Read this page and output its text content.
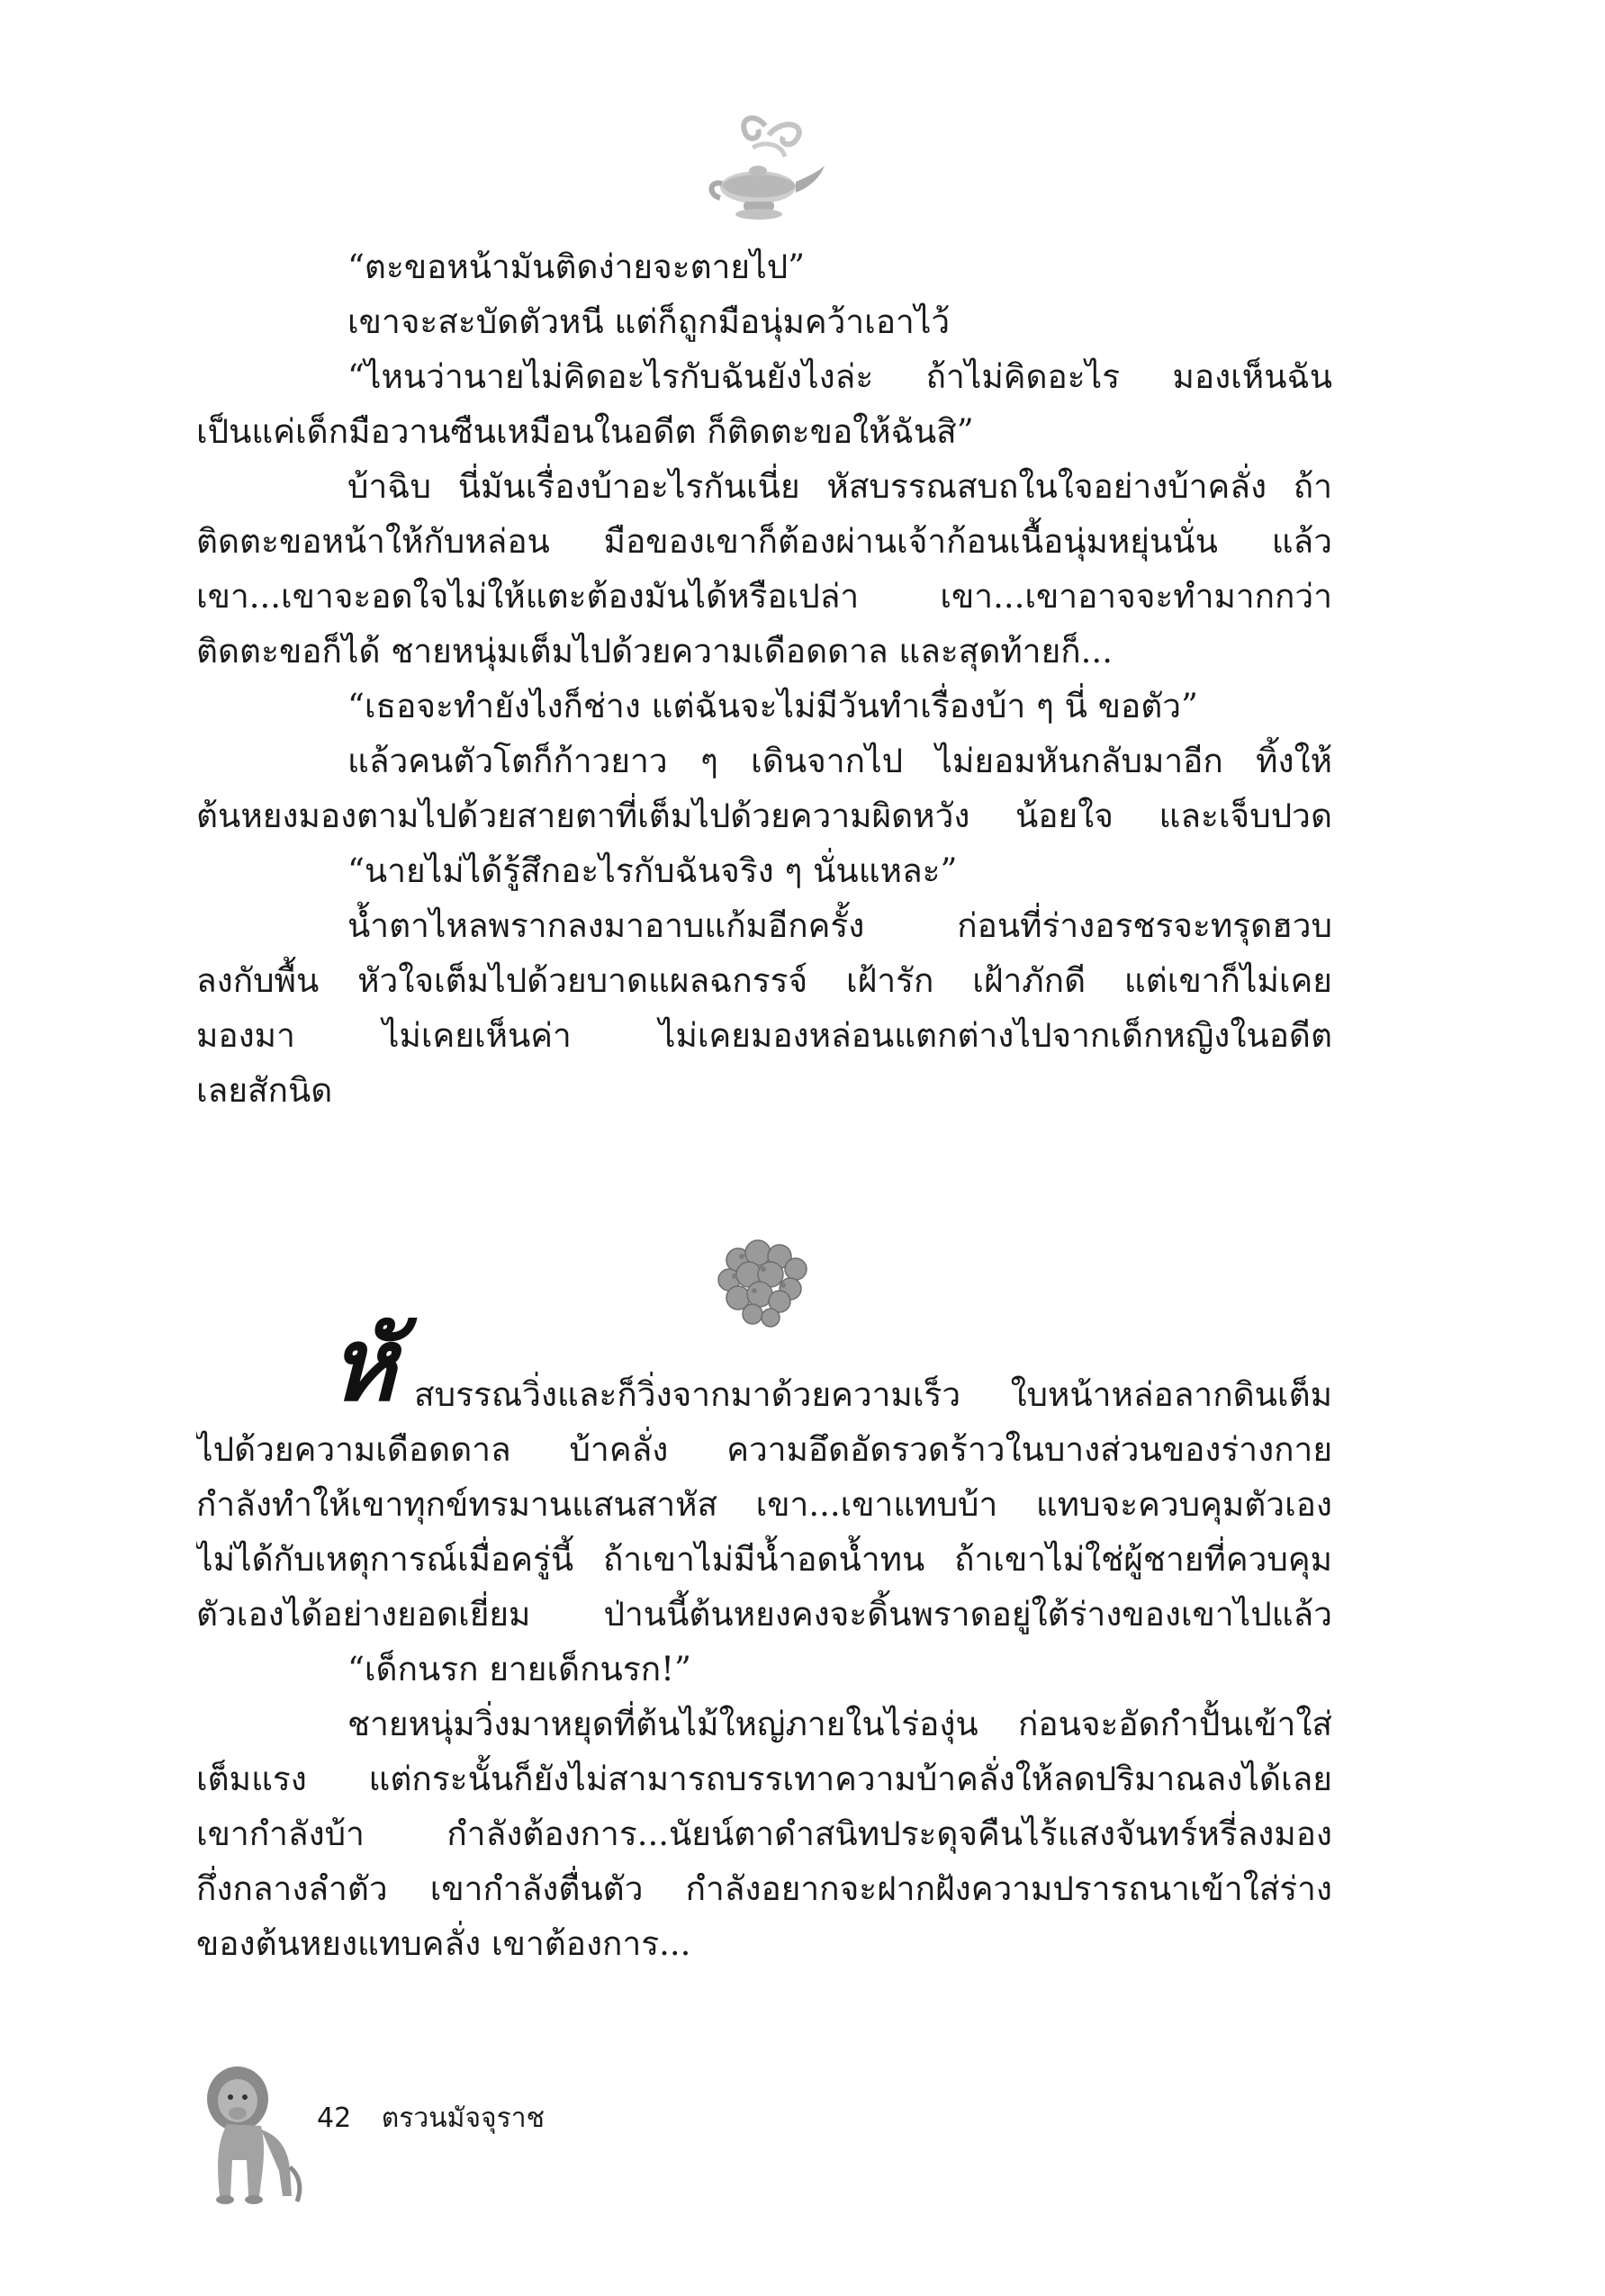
“ตะขอหน้ามันติดง่ายจะตายไป”
เขาจะสะบัดตัวหนี แต่ก็ถูกมือนุ่มคว้าเอาไว้
“ไหนว่านายไม่คิดอะไรกับฉันยังไงล่ะ ถ้าไม่คิดอะไร มองเห็นฉัน
เป็นแค่เด็กมือวานซืนเหมือนในอดีต ก็ติดตะขอให้ฉันสิ”
บ้าฉิบ นี่มันเรื่องบ้าอะไรกันเนี่ย หัสบรรณสบถในใจอย่างบ้าคลั่ง ถ้า
ติดตะขอหน้าให้กับหล่อน มือของเขาก็ต้องผ่านเจ้าก้อนเนื้อนุ่มหยุ่นนั่น แล้ว
เขา...เขาจะอดใจไม่ให้แตะต้องมันได้หรือเปล่า เขา...เขาอาจจะทำมากกว่า
ติดตะขอก็ได้ ชายหนุ่มเต็มไปด้วยความเดือดดาล และสุดท้ายก็...
“เธอจะทำยังไงก็ช่าง แต่ฉันจะไม่มีวันทำเรื่องบ้า ๆ นี่ ขอตัว”
แล้วคนตัวโตก็ก้าวยาว ๆ เดินจากไป ไม่ยอมหันกลับมาอีก ทิ้งให้
ต้นหยงมองตามไปด้วยสายตาที่เต็มไปด้วยความผิดหวัง น้อยใจ และเจ็บปวด
“นายไม่ได้รู้สึกอะไรกับฉันจริง ๆ นั่นแหละ”
น้ำตาไหลพรากลงมาอาบแก้มอีกครั้ง ก่อนที่ร่างอรชรจะทรุดฮวบ
ลงกับพื้น หัวใจเต็มไปด้วยบาดแผลฉกรรจ์ เฝ้ารัก เฝ้าภักดี แต่เขาก็ไม่เคย
มองมา ไม่เคยเห็นค่า ไม่เคยมองหล่อนแตกต่างไปจากเด็กหญิงในอดีต
เลยสักนิด
หั สบรรณวิ่งและก็วิ่งจากมาด้วยความเร็ว ใบหน้าหล่อลากดินเต็ม
ไปด้วยความเดือดดาล บ้าคลั่ง ความอึดอัดรวดร้าวในบางส่วนของร่างกาย
กำลังทำให้เขาทุกข์ทรมานแสนสาหัส เขา...เขาแทบบ้า แทบจะควบคุมตัวเอง
ไม่ได้กับเหตุการณ์เมื่อครู่นี้ ถ้าเขาไม่มีน้ำอดน้ำทน ถ้าเขาไม่ใช่ผู้ชายที่ควบคุม
ตัวเองได้อย่างยอดเยี่ยม ป่านนี้ต้นหยงคงจะดิ้นพราดอยู่ใต้ร่างของเขาไปแล้ว
“เด็กนรก ยายเด็กนรก!”
ชายหนุ่มวิ่งมาหยุดที่ต้นไม้ใหญ่ภายในไร่องุ่น ก่อนจะอัดกำปั้นเข้าใส่
เต็มแรง แต่กระนั้นก็ยังไม่สามารถบรรเทาความบ้าคลั่งให้ลดปริมาณลงได้เลย
เขากำลังบ้า กำลังต้องการ...นัยน์ตาดำสนิทประดุจคืนไร้แสงจันทร์หรี่ลงมอง
กึ่งกลางลำตัว เขากำลังตื่นตัว กำลังอยากจะฝากฝังความปรารถนาเข้าใส่ร่าง
ของต้นหยงแทบคลั่ง เขาต้องการ...
42 ตรวนมัจจุราช
